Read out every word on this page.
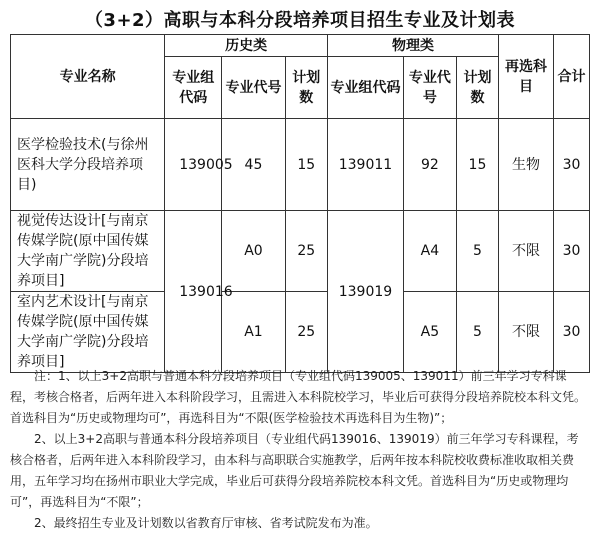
（3+2）高职与本科分段培养项目招生专业及计划表
专业名称	历史类			物理类			再选科目	合计
	专业组代码	专业代号	计划数	专业组代码	专业代号	计划数		
医学检验技术(与徐州医科大学分段培养项目)	139005	45	15	139011	92	15	生物	30
视觉传达设计[与南京传媒学院(原中国传媒大学南广学院)分段培养项目]	139016	A0	25	139019	A4	5	不限	30
室内艺术设计[与南京传媒学院(原中国传媒大学南广学院)分段培养项目]		A1	25		A5	5	不限	30

注：1、以上3+2高职与普通本科分段培养项目（专业组代码139005、139011）前三年学习专科课程，考核合格者，后两年进入本科阶段学习，且需进入本科院校学习，毕业后可获得分段培养院校本科文凭。首选科目为“历史或物理均可”，再选科目为“不限(医学检验技术再选科目为生物)”；

2、以上3+2高职与普通本科分段培养项目（专业组代码139016、139019）前三年学习专科课程，考核合格者，后两年进入本科阶段学习，由本科与高职联合实施教学，后两年按本科院校收费标准收取相关费用，五年学习均在扬州市职业大学完成，毕业后可获得分段培养院校本科文凭。首选科目为“历史或物理均可”，再选科目为“不限”；

2、最终招生专业及计划数以省教育厅审核、省考试院发布为准。
